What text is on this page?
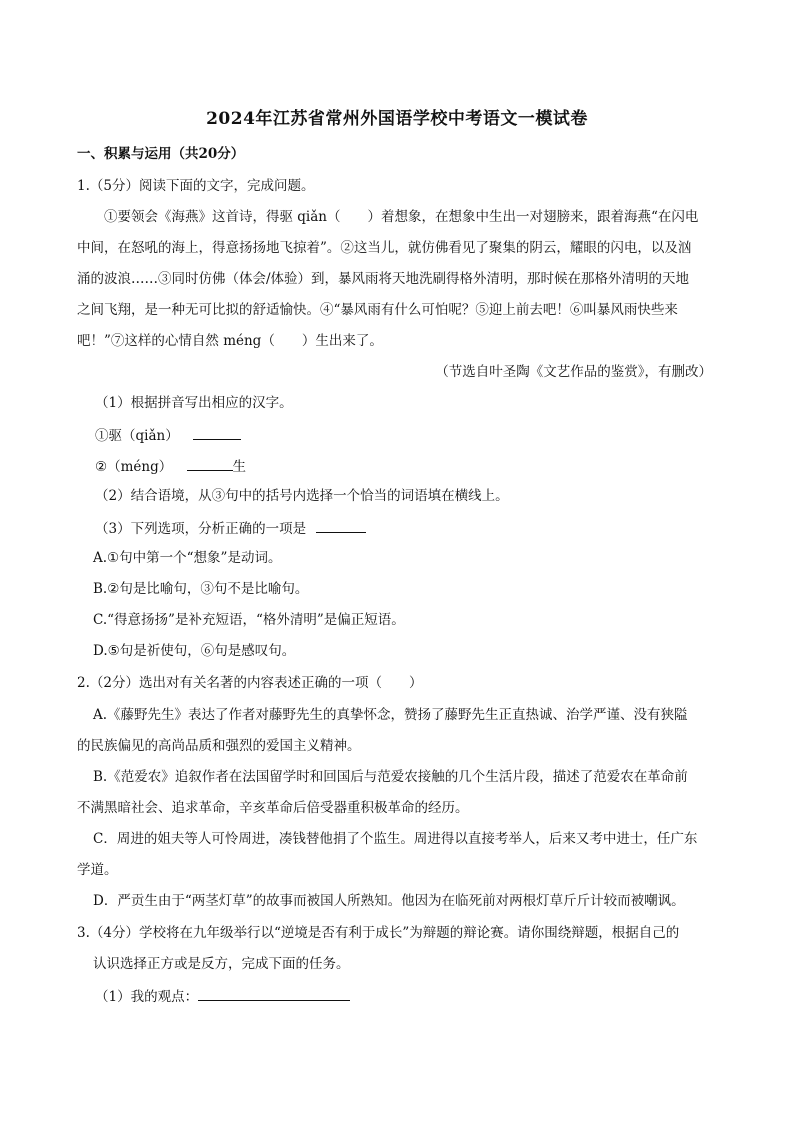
2024年江苏省常州外国语学校中考语文一模试卷
一、积累与运用（共20分）
1.（5分）阅读下面的文字，完成问题。
①要领会《海燕》这首诗，得驱 qiǎn（　　）着想象，在想象中生出一对翅膀来，跟着海燕“在闪电
中间，在怒吼的海上，得意扬扬地飞掠着”。②这当儿，就仿佛看见了聚集的阴云，耀眼的闪电，以及汹
涌的波浪……③同时仿佛（体会/体验）到，暴风雨将天地洗刷得格外清明，那时候在那格外清明的天地
之间飞翔，是一种无可比拟的舒适愉快。④“暴风雨有什么可怕呢？⑤迎上前去吧！⑥叫暴风雨快些来
吧！”⑦这样的心情自然 méng（　　）生出来了。
（节选自叶圣陶《文艺作品的鉴赏》，有删改）
（1）根据拼音写出相应的汉字。
①驱（qiǎn）
②（méng）	生
（2）结合语境，从③句中的括号内选择一个恰当的词语填在横线上。
（3）下列选项，分析正确的一项是
A.①句中第一个“想象”是动词。
B.②句是比喻句，③句不是比喻句。
C.“得意扬扬”是补充短语，“格外清明”是偏正短语。
D.⑤句是祈使句，⑥句是感叹句。
2.（2分）选出对有关名著的内容表述正确的一项（　　）
A.《藤野先生》表达了作者对藤野先生的真挚怀念，赞扬了藤野先生正直热诚、治学严谨、没有狭隘
的民族偏见的高尚品质和强烈的爱国主义精神。
B.《范爱农》追叙作者在法国留学时和回国后与范爱农接触的几个生活片段，描述了范爱农在革命前
不满黑暗社会、追求革命，辛亥革命后倍受器重积极革命的经历。
C．周进的姐夫等人可怜周进，凑钱替他捐了个监生。周进得以直接考举人，后来又考中进士，任广东
学道。
D．严贡生由于“两茎灯草”的故事而被国人所熟知。他因为在临死前对两根灯草斤斤计较而被嘲讽。
3.（4分）学校将在九年级举行以“逆境是否有利于成长”为辩题的辩论赛。请你围绕辩题，根据自己的
认识选择正方或是反方，完成下面的任务。
（1）我的观点：
